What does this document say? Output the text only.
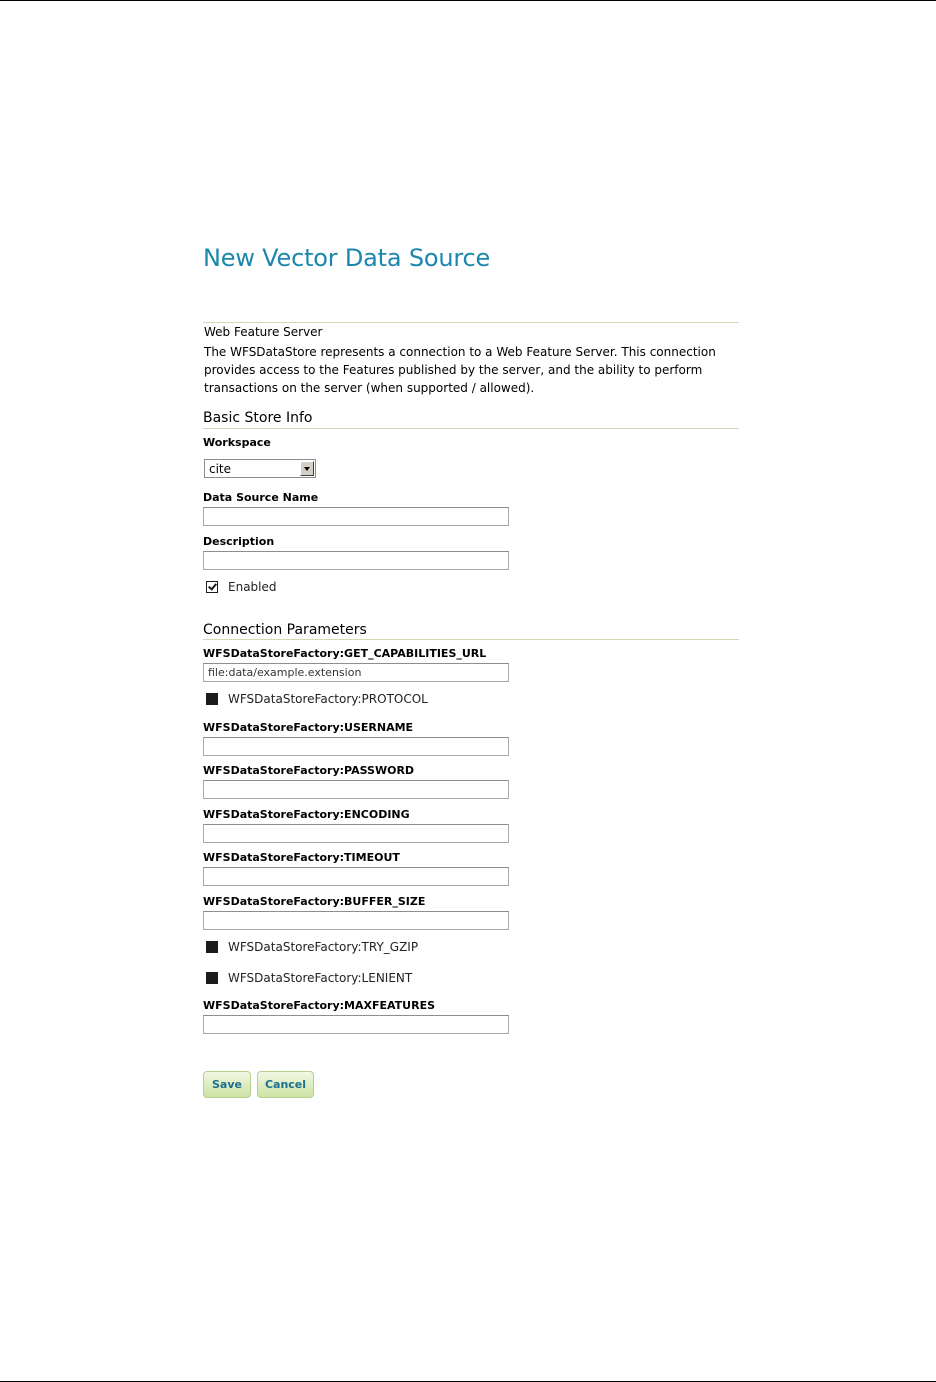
New Vector Data Source
Web Feature Server

The WFSDataStore represents a connection to a Web Feature Server. This connection provides access to the Features published by the server, and the ability to perform transactions on the server (when supported / allowed).

Basic Store Info
Workspace
cite
Data Source Name
Description
Enabled
Connection Parameters
WFSDataStoreFactory:GET_CAPABILITIES_URL
file:data/example.extension
WFSDataStoreFactory:PROTOCOL
WFSDataStoreFactory:USERNAME
WFSDataStoreFactory:PASSWORD
WFSDataStoreFactory:ENCODING
WFSDataStoreFactory:TIMEOUT
WFSDataStoreFactory:BUFFER_SIZE
WFSDataStoreFactory:TRY_GZIP
WFSDataStoreFactory:LENIENT
WFSDataStoreFactory:MAXFEATURES
Save	Cancel
